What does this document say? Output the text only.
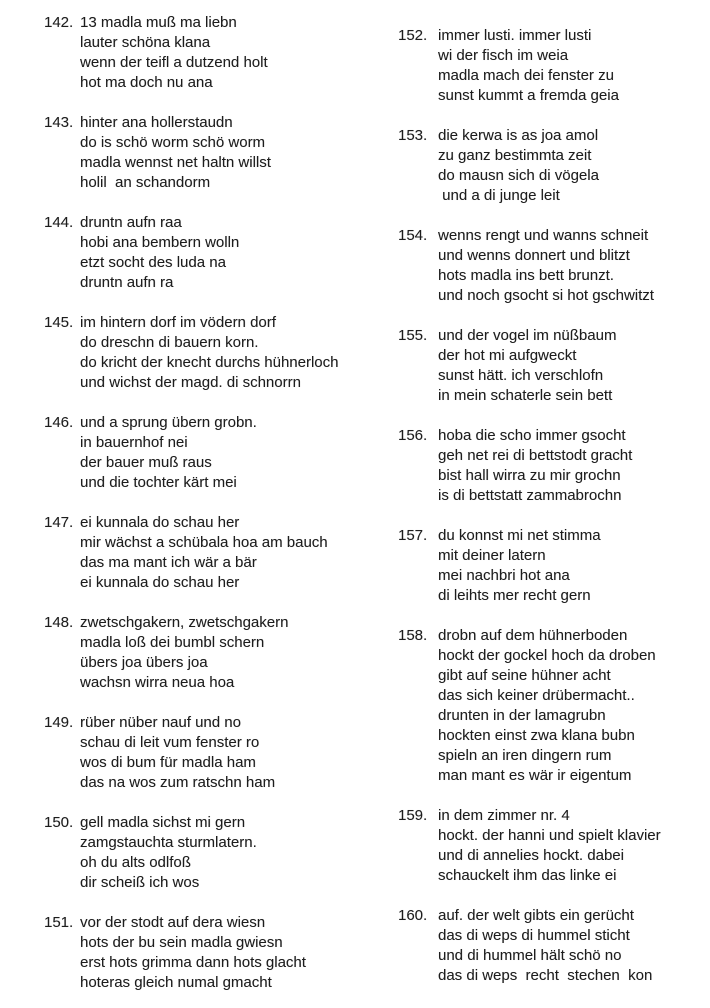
142. 13 madla muß ma liebn
lauter schöna klana
wenn der teifl a dutzend holt
hot ma doch nu ana
143. hinter ana hollerstaudn
do is schö worm schö worm
madla wennst net haltn willst
holil  an schandorm
144. druntn aufn raa
hobi ana bembern wolln
etzt socht des luda na
druntn aufn ra
145. im hintern dorf im vödern dorf
do dreschn di bauern korn.
do kricht der knecht durchs hühnerloch
und wichst der magd. di schnorrn
146. und a sprung übern grobn.
in bauernhof nei
der bauer muß raus
und die tochter kärt mei
147. ei kunnala do schau her
mir wächst a schübala hoa am bauch
das ma mant ich wär a bär
ei kunnala do schau her
148. zwetschgakern, zwetschgakern
madla loß dei bumbl schern
übers joa übers joa
wachsn wirra neua hoa
149. rüber nüber nauf und no
schau di leit vum fenster ro
wos di bum für madla ham
das na wos zum ratschn ham
150. gell madla sichst mi gern
zamgstauchta sturmlatern.
oh du alts odlfoß
dir scheiß ich wos
151. vor der stodt auf dera wiesn
hots der bu sein madla gwiesn
erst hots grimma dann hots glacht
hoteras gleich numal gmacht
152. immer lusti. immer lusti
wi der fisch im weia
madla mach dei fenster zu
sunst kummt a fremda geia
153. die kerwa is as joa amol
zu ganz bestimmta zeit
do mausn sich di vögela
und a di junge leit
154. wenns rengt und wanns schneit
und wenns donnert und blitzt
hots madla ins bett brunzt.
und noch gsocht si hot gschwitzt
155. und der vogel im nüßbaum
der hot mi aufgweckt
sunst hätt. ich verschlofn
in mein schaterle sein bett
156. hoba die scho immer gsocht
geh net rei di bettstodt gracht
bist hall wirra zu mir grochn
is di bettstatt zammabrochn
157. du konnst mi net stimma
mit deiner latern
mei nachbri hot ana
di leihts mer recht gern
158. drobn auf dem hühnerboden
hockt der gockel hoch da droben
gibt auf seine hühner acht
das sich keiner drübermacht..
drunten in der lamagrubn
hockten einst zwa klana bubn
spieln an iren dingern rum
man mant es wär ir eigentum
159. in dem zimmer nr. 4
hockt. der hanni und spielt klavier
und di annelies hockt. dabei
schauckelt ihm das linke ei
160. auf. der welt gibts ein gerücht
das di weps di hummel sticht
und di hummel hält schö no
das di weps  recht  stechen  kon
